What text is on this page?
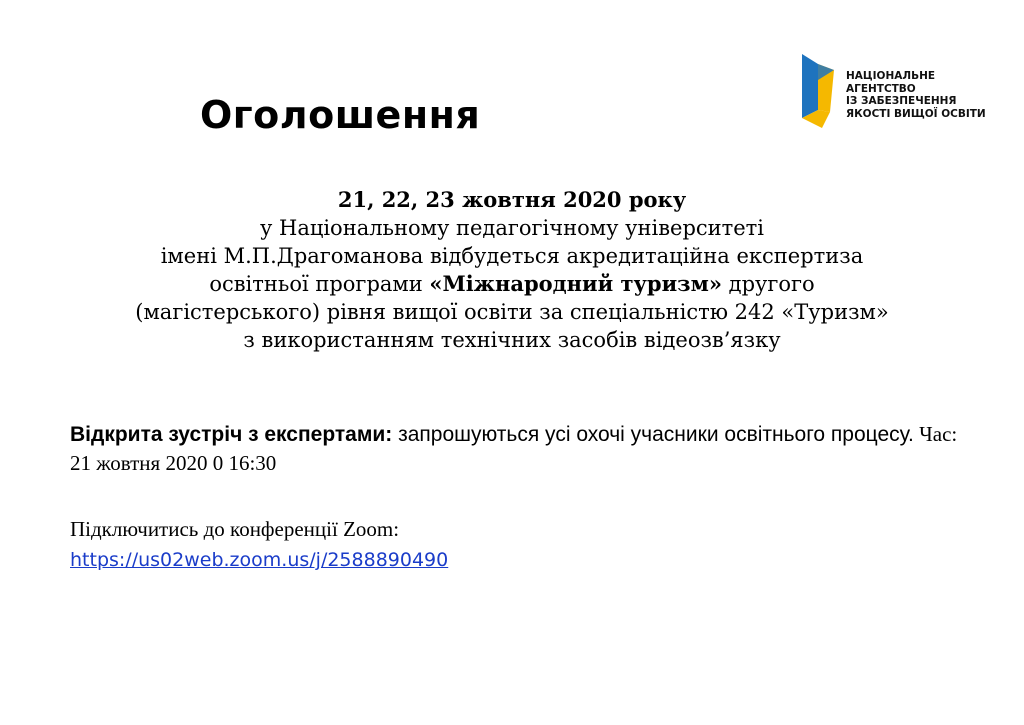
Оголошення
НАЦІОНАЛЬНЕ
АГЕНТСТВО
ІЗ ЗАБЕЗПЕЧЕННЯ
ЯКОСТІ ВИЩОЇ ОСВІТИ
21, 22, 23 жовтня 2020 року
у Національному педагогічному університеті
імені М.П.Драгоманова відбудеться акредитаційна експертиза
освітньої програми «Міжнародний туризм» другого
(магістерського) рівня вищої освіти за спеціальністю 242 «Туризм»
з використанням технічних засобів відеозв’язку
Відкрита зустріч з експертами: запрошуються усі охочі учасники освітнього процесу. Час: 21 жовтня 2020 0 16:30
Підключитись до конференції Zoom:
https://us02web.zoom.us/j/2588890490
